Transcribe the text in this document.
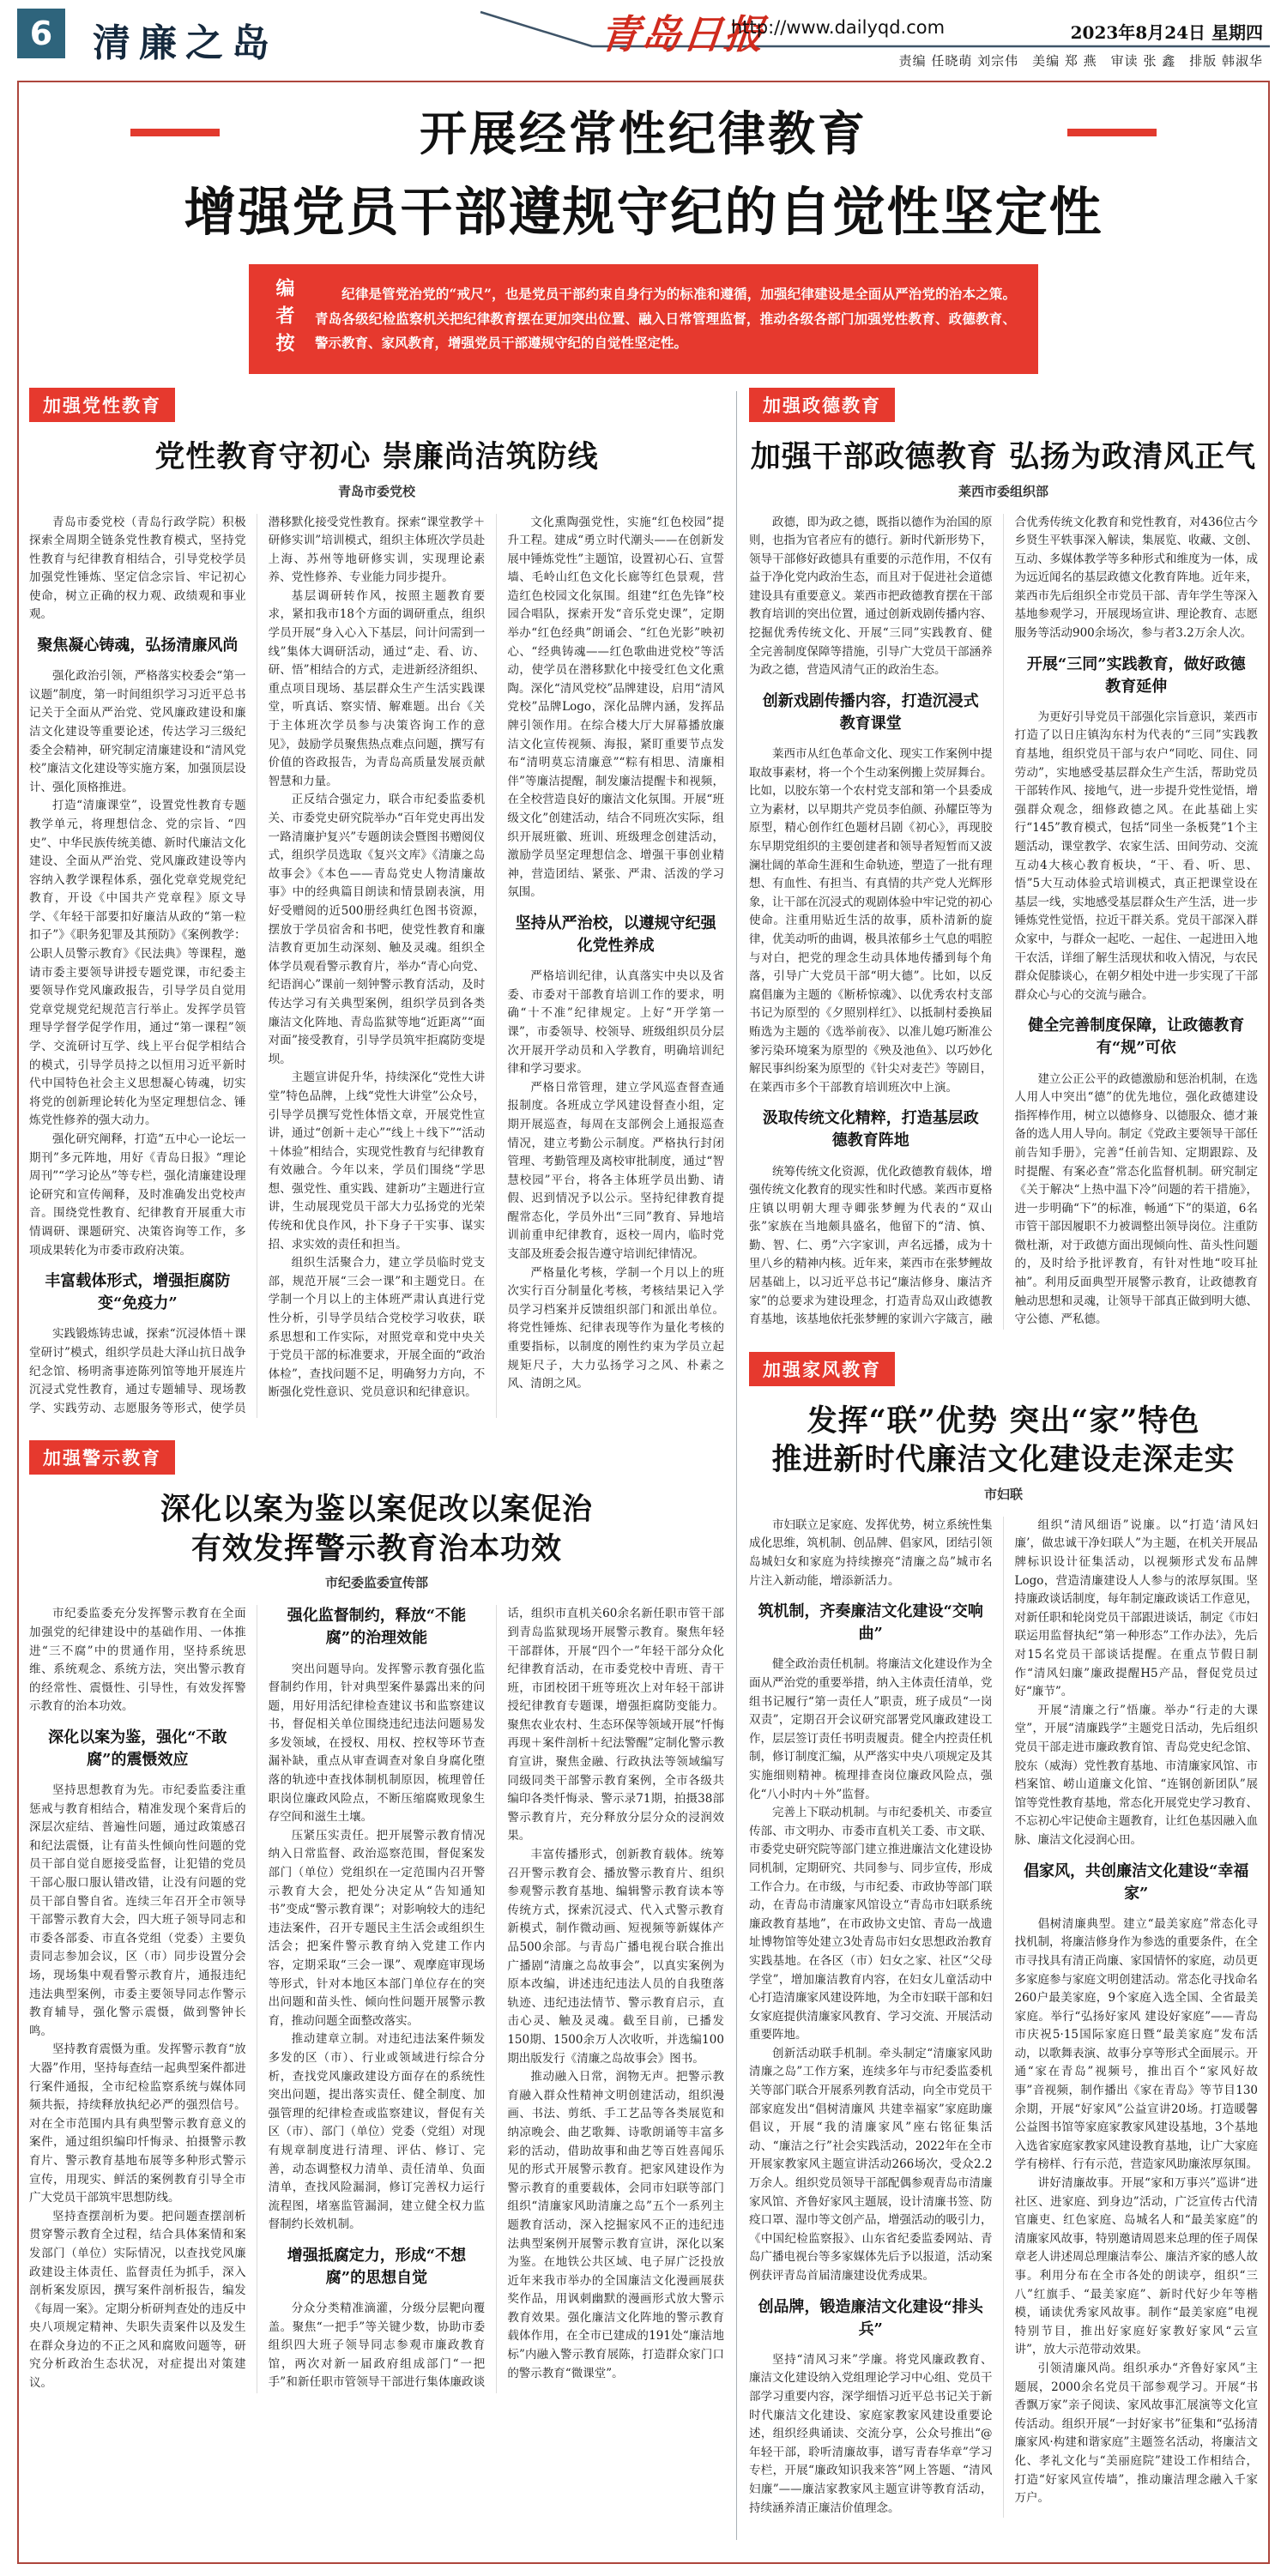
6	清廉之岛	青岛日报
http://www.dailyqd.com	2023年8月24日 星期四
责编 任晓萌 刘宗伟　美编 郑 燕　审读 张 鑫　排版 韩淑华
开展经常性纪律教育
增强党员干部遵规守纪的自觉性坚定性
编者按	纪律是管党治党的“戒尺”，也是党员干部约束自身行为的标准和遵循，加强纪律建设是全面从严治党的治本之策。青岛各级纪检监察机关把纪律教育摆在更加突出位置、融入日常管理监督，推动各级各部门加强党性教育、政德教育、警示教育、家风教育，增强党员干部遵规守纪的自觉性坚定性。
加强党性教育
党性教育守初心 崇廉尚洁筑防线
青岛市委党校

青岛市委党校（青岛行政学院）积极探索全周期全链条党性教育模式，坚持党性教育与纪律教育相结合，引导党校学员加强党性锤炼、坚定信念宗旨、牢记初心使命，树立正确的权力观、政绩观和事业观。

聚焦凝心铸魂，弘扬清廉风尚

强化政治引领，严格落实校委会“第一议题”制度，第一时间组织学习习近平总书记关于全面从严治党、党风廉政建设和廉洁文化建设等重要论述，传达学习三级纪委全会精神，研究制定清廉建设和“清风党校”廉洁文化建设等实施方案，加强顶层设计、强化顶格推进。

打造“清廉课堂”，设置党性教育专题教学单元，将理想信念、党的宗旨、“四史”、中华民族传统美德、新时代廉洁文化建设、全面从严治党、党风廉政建设等内容纳入教学课程体系，强化党章党规党纪教育，开设《中国共产党章程》原文导学、《年轻干部要扣好廉洁从政的“第一粒扣子”》《职务犯罪及其预防》《案例教学：公职人员警示教育》《民法典》等课程，邀请市委主要领导讲授专题党课，市纪委主要领导作党风廉政报告，引导学员自觉用党章党规党纪规范言行举止。发挥学员管理导学督学促学作用，通过“第一课程”领学、交流研讨互学、线上平台促学相结合的模式，引导学员持之以恒用习近平新时代中国特色社会主义思想凝心铸魂，切实将党的创新理论转化为坚定理想信念、锤炼党性修养的强大动力。

强化研究阐释，打造“五中心一论坛一期刊”多元阵地，用好《青岛日报》“理论周刊”“学习论丛”等专栏，强化清廉建设理论研究和宣传阐释，及时准确发出党校声音。围绕党性教育、纪律教育开展重大市情调研、课题研究、决策咨询等工作，多项成果转化为市委市政府决策。

丰富载体形式，增强拒腐防变“免疫力”

实践锻炼铸忠诚，探索“沉浸体悟＋课堂研讨”模式，组织学员赴大泽山抗日战争纪念馆、杨明斋事迹陈列馆等地开展连片沉浸式党性教育，通过专题辅导、现场教学、实践劳动、志愿服务等形式，使学员潜移默化接受党性教育。探索“课堂教学＋研修实训”培训模式，组织主体班次学员赴上海、苏州等地研修实训，实现理论素养、党性修养、专业能力同步提升。

基层调研转作风，按照主题教育要求，紧扣我市18个方面的调研重点，组织学员开展“身入心入下基层，问计问需到一线”集体大调研活动，通过“走、看、访、研、悟”相结合的方式，走进新经济组织、重点项目现场、基层群众生产生活实践课堂，听真话、察实情、解难题。出台《关于主体班次学员参与决策咨询工作的意见》，鼓励学员聚焦热点难点问题，撰写有价值的咨政报告，为青岛高质量发展贡献智慧和力量。

正反结合强定力，联合市纪委监委机关、市委党史研究院举办“百年党史再出发 一路清廉护复兴”专题朗读会暨图书赠阅仪式，组织学员选取《复兴文库》《清廉之岛故事会》《本色——青岛党史人物清廉故事》中的经典篇目朗读和情景剧表演，用好受赠阅的近500册经典红色图书资源，摆放于学员宿舍和书吧，使党性教育和廉洁教育更加生动深刻、触及灵魂。组织全体学员观看警示教育片，举办“青心向党、纪语润心”课前一刻钟警示教育活动，及时传达学习有关典型案例，组织学员到各类廉洁文化阵地、青岛监狱等地“近距离”“面对面”接受教育，引导学员筑牢拒腐防变堤坝。

主题宣讲促升华，持续深化“党性大讲堂”特色品牌，上线“党性大讲堂”公众号，引导学员撰写党性体悟文章，开展党性宣讲，通过“创新＋走心”“线上＋线下”“活动＋体验”相结合，实现党性教育与纪律教育有效融合。今年以来，学员们围绕“学思想、强党性、重实践、建新功”主题进行宣讲，生动展现党员干部大力弘扬党的光荣传统和优良作风，扑下身子干实事、谋实招、求实效的责任和担当。

组织生活聚合力，建立学员临时党支部，规范开展“三会一课”和主题党日。在学制一个月以上的主体班严肃认真进行党性分析，引导学员结合党校学习收获，联系思想和工作实际，对照党章和党中央关于党员干部的标准要求，开展全面的“政治体检”，查找问题不足，明确努力方向，不断强化党性意识、党员意识和纪律意识。

文化熏陶强党性，实施“红色校园”提升工程。建成“勇立时代潮头——在创新发展中锤炼党性”主题馆，设置初心石、宣誓墙、毛岭山红色文化长廊等红色景观，营造红色校园文化氛围。组建“红色先锋”校园合唱队，探索开发“音乐党史课”，定期举办“红色经典”朗诵会、“红色光影”映初心、“经典铸魂——红色歌曲进党校”等活动，使学员在潜移默化中接受红色文化熏陶。深化“清风党校”品牌建设，启用“清风党校”品牌Logo，深化品牌内涵，发挥品牌引领作用。在综合楼大厅大屏幕播放廉洁文化宣传视频、海报，紧盯重要节点发布“清明莫忘清廉意”“粽有相思、清廉相伴”等廉洁提醒，制发廉洁提醒卡和视频，在全校营造良好的廉洁文化氛围。开展“班级文化”创建活动，结合不同班次实际，组织开展班徽、班训、班级理念创建活动，激励学员坚定理想信念、增强干事创业精神，营造团结、紧张、严肃、活泼的学习氛围。

坚持从严治校，以遵规守纪强化党性养成

严格培训纪律，认真落实中央以及省委、市委对干部教育培训工作的要求，明确“十不准”纪律规定。上好“开学第一课”，市委领导、校领导、班级组织员分层次开展开学动员和入学教育，明确培训纪律和学习要求。

严格日常管理，建立学风巡查督查通报制度。各班成立学风建设督查小组，定期开展巡查，每周在支部例会上通报巡查情况，建立考勤公示制度。严格执行封闭管理、考勤管理及离校审批制度，通过“智慧校园”平台，将各主体班学员出勤、请假、迟到情况予以公示。坚持纪律教育提醒常态化，学员外出“三同”教育、异地培训前重申纪律教育，返校一周内，临时党支部及班委会报告遵守培训纪律情况。

严格量化考核，学制一个月以上的班次实行百分制量化考核，考核结果记入学员学习档案并反馈组织部门和派出单位。将党性锤炼、纪律表现等作为量化考核的重要指标，以制度的刚性约束为学员立起规矩尺子，大力弘扬学习之风、朴素之风、清朗之风。

加强警示教育
深化以案为鉴以案促改以案促治
有效发挥警示教育治本功效
市纪委监委宣传部

市纪委监委充分发挥警示教育在全面加强党的纪律建设中的基础作用、一体推进“三不腐”中的贯通作用，坚持系统思维、系统观念、系统方法，突出警示教育的经常性、震慑性、引导性，有效发挥警示教育的治本功效。

深化以案为鉴，强化“不敢腐”的震慑效应

坚持思想教育为先。市纪委监委注重惩戒与教育相结合，精准发现个案背后的深层次症结、普遍性问题，通过政策感召和纪法震慑，让有苗头性倾向性问题的党员干部自觉自愿接受监督，让犯错的党员干部心服口服认错改错，让没有问题的党员干部自警自省。连续三年召开全市领导干部警示教育大会，四大班子领导同志和市委各部委、市直各党组（党委）主要负责同志参加会议，区（市）同步设置分会场，现场集中观看警示教育片，通报违纪违法典型案例，市委主要领导同志作警示教育辅导，强化警示震慑，做到警钟长鸣。

坚持教育震慑为重。发挥警示教育“放大器”作用，坚持每查结一起典型案件都进行案件通报，全市纪检监察系统与媒体同频共振，持续释放执纪必严的强烈信号。对在全市范围内具有典型警示教育意义的案件，通过组织编印忏悔录、拍摄警示教育片、警示教育基地布展等多种形式警示宣传，用现实、鲜活的案例教育引导全市广大党员干部筑牢思想防线。

坚持查摆剖析为要。把问题查摆剖析贯穿警示教育全过程，结合具体案情和案发部门（单位）实际情况，以查找党风廉政建设主体责任、监督责任为抓手，深入剖析案发原因，撰写案件剖析报告，编发《每周一案》。定期分析研判查处的违反中央八项规定精神、失职失责案件以及发生在群众身边的不正之风和腐败问题等，研究分析政治生态状况，对症提出对策建议。

强化监督制约，释放“不能腐”的治理效能

突出问题导向。发挥警示教育强化监督制约作用，针对典型案件暴露出来的问题，用好用活纪律检查建议书和监察建议书，督促相关单位围绕违纪违法问题易发多发领域，在授权、用权、控权等环节查漏补缺，重点从审查调查对象自身腐化堕落的轨迹中查找体制机制原因，梳理曾任职岗位廉政风险点，不断压缩腐败现象生存空间和滋生土壤。

压紧压实责任。把开展警示教育情况纳入日常监督、政治巡察范围，督促案发部门（单位）党组织在一定范围内召开警示教育大会，把处分决定从“告知通知书”变成“警示教育课”；对影响较大的违纪违法案件，召开专题民主生活会或组织生活会；把案件警示教育纳入党建工作内容，定期采取“三会一课”、观摩庭审现场等形式，针对本地区本部门单位存在的突出问题和苗头性、倾向性问题开展警示教育，推动问题全面整改落实。

推动建章立制。对违纪违法案件频发多发的区（市）、行业或领域进行综合分析，查找党风廉政建设方面存在的系统性突出问题，提出落实责任、健全制度、加强管理的纪律检查或监察建议，督促有关区（市）、部门（单位）党委（党组）对现有规章制度进行清理、评估、修订、完善，动态调整权力清单、责任清单、负面清单，查找风险漏洞，修订完善权力运行流程图，堵塞监管漏洞，建立健全权力监督制约长效机制。

增强抵腐定力，形成“不想腐”的思想自觉

分众分类精准滴灌，分级分层靶向覆盖。聚焦“一把手”等关键少数，协助市委组织四大班子领导同志参观市廉政教育馆，两次对新一届政府组成部门“一把手”和新任职市管领导干部进行集体廉政谈话，组织市直机关60余名新任职市管干部到青岛监狱现场开展警示教育。聚焦年轻干部群体，开展“四个一”年轻干部分众化纪律教育活动，在市委党校中青班、青干班，市团校团干班等班次上对年轻干部讲授纪律教育专题课，增强拒腐防变能力。聚焦农业农村、生态环保等领域开展“忏悔再现＋案件剖析＋纪法警醒”定制化警示教育宣讲，聚焦金融、行政执法等领域编写同级同类干部警示教育案例，全市各级共编印各类忏悔录、警示录71期，拍摄38部警示教育片，充分释放分层分众的浸润效果。

丰富传播形式，创新教育载体。统筹召开警示教育会、播放警示教育片、组织参观警示教育基地、编辑警示教育读本等传统方式，探索沉浸式、代入式警示教育新模式，制作微动画、短视频等新媒体产品500余部。与青岛广播电视台联合推出广播剧“清廉之岛故事会”，以真实案例为原本改编，讲述违纪违法人员的自我堕落轨迹、违纪违法情节、警示教育启示，直击心灵、触及灵魂。截至目前，已播发150期、1500余万人次收听，并选编100期出版发行《清廉之岛故事会》图书。

推动融入日常，润物无声。把警示教育融入群众性精神文明创建活动，组织漫画、书法、剪纸、手工艺品等各类展览和纳凉晚会、曲艺歌舞、诗歌朗诵等丰富多彩的活动，借助故事和曲艺等百姓喜闻乐见的形式开展警示教育。把家风建设作为警示教育的重要载体，会同市妇联等部门组织“清廉家风助清廉之岛”五个一系列主题教育活动，深入挖掘家风不正的违纪违法典型案例开展警示教育宣讲，深化以案为鉴。在地铁公共区域、电子屏广泛投放近年来我市举办的全国廉洁文化漫画展获奖作品，用讽刺幽默的漫画形式放大警示教育效果。强化廉洁文化阵地的警示教育载体作用，在全市已建成的191处“廉洁地标”内融入警示教育展陈，打造群众家门口的警示教育“微课堂”。

加强政德教育
加强干部政德教育 弘扬为政清风正气
莱西市委组织部

政德，即为政之德，既指以德作为治国的原则，也指为官者应有的德行。新时代新形势下，领导干部修好政德具有重要的示范作用，不仅有益于净化党内政治生态，而且对于促进社会道德建设具有重要意义。莱西市把政德教育摆在干部教育培训的突出位置，通过创新戏剧传播内容、挖掘优秀传统文化、开展“三同”实践教育、健全完善制度保障等措施，引导广大党员干部涵养为政之德，营造风清气正的政治生态。

创新戏剧传播内容，打造沉浸式教育课堂

莱西市从红色革命文化、现实工作案例中提取故事素材，将一个个生动案例搬上荧屏舞台。比如，以胶东第一个农村党支部和第一个县委成立为素材，以早期共产党员李伯颜、孙耀臣等为原型，精心创作红色题材吕剧《初心》，再现胶东早期党组织的主要创建者和领导者短暂而又波澜壮阔的革命生涯和生命轨迹，塑造了一批有理想、有血性、有担当、有真情的共产党人光辉形象，让干部在沉浸式的观剧体验中牢记党的初心使命。注重用贴近生活的故事，质朴清新的旋律，优美动听的曲调，极具浓郁乡土气息的唱腔与对白，把党的理念生动具体地传播到每个角落，引导广大党员干部“明大德”。比如，以反腐倡廉为主题的《断桥惊魂》、以优秀农村支部书记为原型的《夕照别样红》、以抵制村委换届贿选为主题的《选举前夜》、以准儿媳巧断准公爹污染环境案为原型的《殃及池鱼》、以巧妙化解民事纠纷案为原型的《针尖对麦芒》等剧目，在莱西市多个干部教育培训班次中上演。

汲取传统文化精粹，打造基层政德教育阵地

统筹传统文化资源，优化政德教育载体，增强传统文化教育的现实性和时代感。莱西市夏格庄镇以明朝大理寺卿张梦鲤为代表的“双山张”家族在当地颇具盛名，他留下的“清、慎、勤、智、仁、勇”六字家训，声名远播，成为十里八乡的精神内核。近年来，莱西市在张梦鲤故居基础上，以习近平总书记“廉洁修身、廉洁齐家”的总要求为建设理念，打造青岛双山政德教育基地，该基地依托张梦鲤的家训六字箴言，融合优秀传统文化教育和党性教育，对436位古今乡贤生平轶事深入解读，集展览、收藏、文创、互动、多媒体教学等多种形式和维度为一体，成为远近闻名的基层政德文化教育阵地。近年来，莱西市先后组织全市党员干部、青年学生等深入基地参观学习，开展现场宣讲、理论教育、志愿服务等活动900余场次，参与者3.2万余人次。

开展“三同”实践教育，做好政德教育延伸

为更好引导党员干部强化宗旨意识，莱西市打造了以日庄镇沟东村为代表的“三同”实践教育基地，组织党员干部与农户“同吃、同住、同劳动”，实地感受基层群众生产生活，帮助党员干部转作风、接地气，进一步提升党性觉悟，增强群众观念，细修政德之风。在此基础上实行“145”教育模式，包括“同坐一条板凳”1个主题活动，课堂教学、农家生活、田间劳动、交流互动4大核心教育板块，“干、看、听、思、悟”5大互动体验式培训模式，真正把课堂设在基层一线，实地感受基层群众生产生活，进一步锤炼党性觉悟，拉近干群关系。党员干部深入群众家中，与群众一起吃、一起住、一起进田入地干农活，详细了解生活现状和收入情况，与农民群众促膝谈心，在朝夕相处中进一步实现了干部群众心与心的交流与融合。

健全完善制度保障，让政德教育有“规”可依

建立公正公平的政德激励和惩治机制，在选人用人中突出“德”的优先地位，强化政德建设指挥棒作用，树立以德修身、以德服众、德才兼备的选人用人导向。制定《党政主要领导干部任前告知手册》，完善“任前告知、定期跟踪、及时提醒、有案必查”常态化监督机制。研究制定《关于解决“上热中温下冷”问题的若干措施》，进一步明确“下”的标准，畅通“下”的渠道，6名市管干部因履职不力被调整出领导岗位。注重防微杜渐，对于政德方面出现倾向性、苗头性问题的，及时给予批评教育，有针对性地“咬耳扯袖”。利用反面典型开展警示教育，让政德教育触动思想和灵魂，让领导干部真正做到明大德、守公德、严私德。

加强家风教育
发挥“联”优势 突出“家”特色
推进新时代廉洁文化建设走深走实
市妇联

市妇联立足家庭、发挥优势，树立系统性集成化思维，筑机制、创品牌、倡家风，团结引领岛城妇女和家庭为持续擦亮“清廉之岛”城市名片注入新动能，增添新活力。

筑机制，齐奏廉洁文化建设“交响曲”

健全政治责任机制。将廉洁文化建设作为全面从严治党的重要举措，纳入主体责任清单，党组书记履行“第一责任人”职责，班子成员“一岗双责”，定期召开会议研究部署党风廉政建设工作，层层签订责任书明责履责。健全内控责任机制，修订制度汇编，从严落实中央八项规定及其实施细则精神。梳理排查岗位廉政风险点，强化“八小时内＋外”监督。

完善上下联动机制。与市纪委机关、市委宣传部、市文明办、市委市直机关工委、市文联、市委党史研究院等部门建立推进廉洁文化建设协同机制，定期研究、共同参与、同步宣传，形成工作合力。在市级，与市纪委、市政协等部门联动，在青岛市清廉家风馆设立“青岛市妇联系统廉政教育基地”，在市政协文史馆、青岛一战遗址博物馆等处建立3处青岛市妇女思想政治教育实践基地。在各区（市）妇女之家、社区“父母学堂”，增加廉洁教育内容，在妇女儿童活动中心打造清廉家风建设阵地，为全市妇联干部和妇女家庭提供清廉家风教育、学习交流、开展活动重要阵地。

创新活动联手机制。牵头制定“清廉家风助清廉之岛”工作方案，连续多年与市纪委监委机关等部门联合开展系列教育活动，向全市党员干部家庭发出“倡树清廉风 共建幸福家”家庭助廉倡议，开展“我的清廉家风”座右铭征集活动、“廉洁之行”社会实践活动，2022年在全市开展家教家风主题宣讲活动266场次，受众2.2万余人。组织党员领导干部配偶参观青岛市清廉家风馆、齐鲁好家风主题展，设计清廉书签、防疫口罩、湿巾等文创产品，增强活动的吸引力，《中国纪检监察报》、山东省纪委监委网站、青岛广播电视台等多家媒体先后予以报道，活动案例获评青岛首届清廉建设优秀成果。

创品牌，锻造廉洁文化建设“排头兵”

坚持“清风习来”学廉。将党风廉政教育、廉洁文化建设纳入党组理论学习中心组、党员干部学习重要内容，深学细悟习近平总书记关于新时代廉洁文化建设、家庭家教家风建设重要论述，组织经典诵读、交流分享，公众号推出“@年轻干部，聆听清廉故事，谱写青春华章”学习专栏，开展“廉政知识我来答”网上答题、“清风妇廉”——廉洁家教家风主题宣讲等教育活动，持续涵养清正廉洁价值理念。

组织“清风细语”说廉。以“打造‘清风妇廉’，做忠诚干净妇联人”为主题，在机关开展品牌标识设计征集活动，以视频形式发布品牌Logo，营造清廉建设人人参与的浓厚氛围。坚持廉政谈话制度，每年制定廉政谈话工作意见，对新任职和轮岗党员干部跟进谈话，制定《市妇联运用监督执纪“第一种形态”工作办法》，先后对15名党员干部谈话提醒。在重点节假日制作“清风妇廉”廉政提醒H5产品，督促党员过好“廉节”。

开展“清廉之行”悟廉。举办“行走的大课堂”，开展“清廉践学”主题党日活动，先后组织党员干部走进市廉政教育馆、青岛党史纪念馆、胶东（威海）党性教育基地、市清廉家风馆、市档案馆、崂山道廉文化馆、“连钢创新团队”展馆等党性教育基地，常态化开展党史学习教育、不忘初心牢记使命主题教育，让红色基因融入血脉、廉洁文化浸润心田。

倡家风，共创廉洁文化建设“幸福家”

倡树清廉典型。建立“最美家庭”常态化寻找机制，将廉洁修身作为参选的重要条件，在全市寻找具有清正尚廉、家国情怀的家庭，动员更多家庭参与家庭文明创建活动。常态化寻找命名260户最美家庭，9个家庭入选全国、全省最美家庭。举行“弘扬好家风 建设好家庭”——青岛市庆祝5·15国际家庭日暨“最美家庭”发布活动，以歌舞表演、故事分享等形式全面展示。开通“家在青岛”视频号，推出百个“家风好故事”音视频，制作播出《家在青岛》等节目130余期，开展“好家风”公益宣讲20场。打造暖馨公益图书馆等家庭家教家风建设基地，3个基地入选省家庭家教家风建设教育基地，让广大家庭学有榜样、行有示范，营造家风助廉浓厚氛围。

讲好清廉故事。开展“家和万事兴”巡讲“进社区、进家庭、到身边”活动，广泛宣传古代清官廉吏、红色家庭、岛城名人和“最美家庭”的清廉家风故事，特别邀请周恩来总理的侄子周保章老人讲述周总理廉洁奉公、廉洁齐家的感人故事。利用分布在全市各处的朗读亭，组织“三八”红旗手、“最美家庭”、新时代好少年等楷模，诵读优秀家风故事。制作“最美家庭”电视特别节目，推出好家庭好家教好家风“云宣讲”，放大示范带动效果。

引领清廉风尚。组织承办“齐鲁好家风”主题展，2000余名党员干部参观学习。开展“书香飘万家”亲子阅读、家风故事汇展演等文化宣传活动。组织开展“一封好家书”征集和“弘扬清廉家风·构建和谐家庭”主题签名活动，将廉洁文化、孝礼文化与“美丽庭院”建设工作相结合，打造“好家风宣传墙”，推动廉洁理念融入千家万户。
